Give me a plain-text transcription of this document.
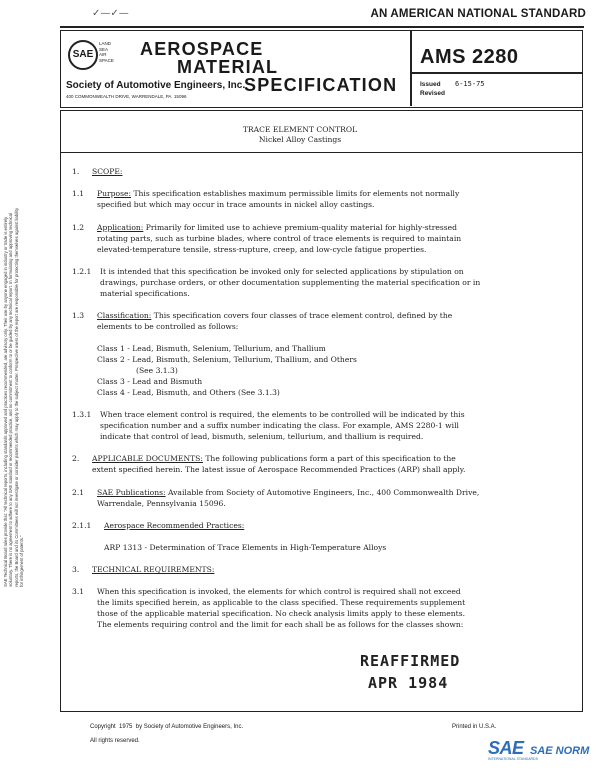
✓—✓—	AN AMERICAN NATIONAL STANDARD
SAE
LAND
SEA
AIR
SPACE
AEROSPACE
MATERIAL
SPECIFICATION
Society of Automotive Engineers, Inc.
400 COMMONWEALTH DRIVE, WARRENDALE, PA. 15096
AMS 2280
Issued
Revised
6-15-75
TRACE ELEMENT CONTROL
Nickel Alloy Castings
1. SCOPE:
1.1 Purpose: This specification establishes maximum permissible limits for elements not normally
specified but which may occur in trace amounts in nickel alloy castings.
1.2 Application: Primarily for limited use to achieve premium-quality material for highly-stressed
rotating parts, such as turbine blades, where control of trace elements is required to maintain
elevated-temperature tensile, stress-rupture, creep, and low-cycle fatigue properties.
1.2.1 It is intended that this specification be invoked only for selected applications by stipulation on
drawings, purchase orders, or other documentation supplementing the material specification or in
material specifications.
1.3 Classification: This specification covers four classes of trace element control, defined by the
elements to be controlled as follows:
Class 1 - Lead, Bismuth, Selenium, Tellurium, and Thallium
Class 2 - Lead, Bismuth, Selenium, Tellurium, Thallium, and Others
(See 3.1.3)
Class 3 - Lead and Bismuth
Class 4 - Lead, Bismuth, and Others (See 3.1.3)
1.3.1 When trace element control is required, the elements to be controlled will be indicated by this
specification number and a suffix number indicating the class. For example, AMS 2280-1 will
indicate that control of lead, bismuth, selenium, tellurium, and thallium is required.
2. APPLICABLE DOCUMENTS: The following publications form a part of this specification to the
extent specified herein. The latest issue of Aerospace Recommended Practices (ARP) shall apply.
2.1 SAE Publications: Available from Society of Automotive Engineers, Inc., 400 Commonwealth Drive,
Warrendale, Pennsylvania 15096.
2.1.1 Aerospace Recommended Practices:
ARP 1313 - Determination of Trace Elements in High-Temperature Alloys
3. TECHNICAL REQUIREMENTS:
3.1 When this specification is invoked, the elements for which control is required shall not exceed
the limits specified herein, as applicable to the class specified. These requirements supplement
those of the applicable material specification. No check analysis limits apply to these elements.
The elements requiring control and the limit for each shall be as follows for the classes shown:
REAFFIRMED
APR 1984
SAE Technical Board rules provide that: "All technical reports, including standards approved and practices recommended, are advisory only. Their use by anyone engaged in industry or trade is entirely voluntary. There is no agreement to adhere to any SAE standard or recommended practice, and no commitment to conform to or be guided by any technical report. In formulating and approving technical reports, the Board and its Committees will not investigate or consider patents which may apply to the subject matter. Prospective users of the report are responsible for protecting themselves against liability for infringement of patents."
Copyright 1975 by Society of Automotive Engineers, Inc.
All rights reserved.
Printed in U.S.A.
SAE SAE NORM
INTERNATIONAL STANDARDS
